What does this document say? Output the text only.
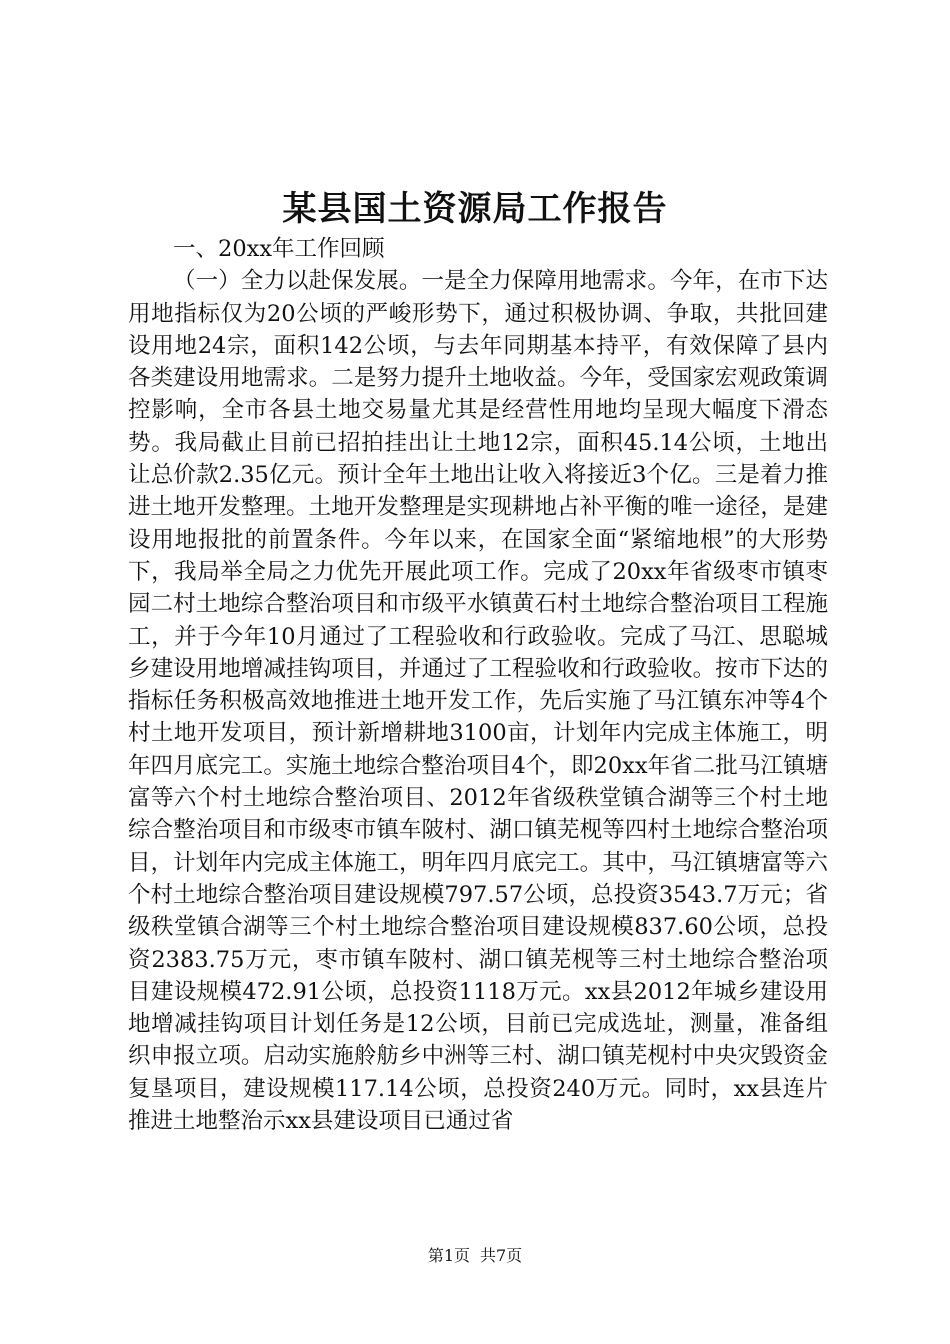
某县国土资源局工作报告
一、20xx年工作回顾
（一）全力以赴保发展。一是全力保障用地需求。今年，在市下达用地指标仅为20公顷的严峻形势下，通过积极协调、争取，共批回建设用地24宗，面积142公顷，与去年同期基本持平，有效保障了县内各类建设用地需求。二是努力提升土地收益。今年，受国家宏观政策调控影响，全市各县土地交易量尤其是经营性用地均呈现大幅度下滑态势。我局截止目前已招拍挂出让土地12宗，面积45.14公顷，土地出让总价款2.35亿元。预计全年土地出让收入将接近3个亿。三是着力推进土地开发整理。土地开发整理是实现耕地占补平衡的唯一途径，是建设用地报批的前置条件。今年以来，在国家全面“紧缩地根”的大形势下，我局举全局之力优先开展此项工作。完成了20xx年省级枣市镇枣园二村土地综合整治项目和市级平水镇黄石村土地综合整治项目工程施工，并于今年10月通过了工程验收和行政验收。完成了马江、思聪城乡建设用地增减挂钩项目，并通过了工程验收和行政验收。按市下达的指标任务积极高效地推进土地开发工作，先后实施了马江镇东冲等4个村土地开发项目，预计新增耕地3100亩，计划年内完成主体施工，明年四月底完工。实施土地综合整治项目4个，即20xx年省二批马江镇塘富等六个村土地综合整治项目、2012年省级秩堂镇合湖等三个村土地综合整治项目和市级枣市镇车陂村、湖口镇芜枧等四村土地综合整治项目，计划年内完成主体施工，明年四月底完工。其中，马江镇塘富等六个村土地综合整治项目建设规模797.57公顷，总投资3543.7万元；省级秩堂镇合湖等三个村土地综合整治项目建设规模837.60公顷，总投资2383.75万元，枣市镇车陂村、湖口镇芜枧等三村土地综合整治项目建设规模472.91公顷，总投资1118万元。xx县2012年城乡建设用地增减挂钩项目计划任务是12公顷，目前已完成选址，测量，准备组织申报立项。启动实施舲舫乡中洲等三村、湖口镇芜枧村中央灾毁资金复垦项目，建设规模117.14公顷，总投资240万元。同时，xx县连片推进土地整治示xx县建设项目已通过省
第1页 共7页
